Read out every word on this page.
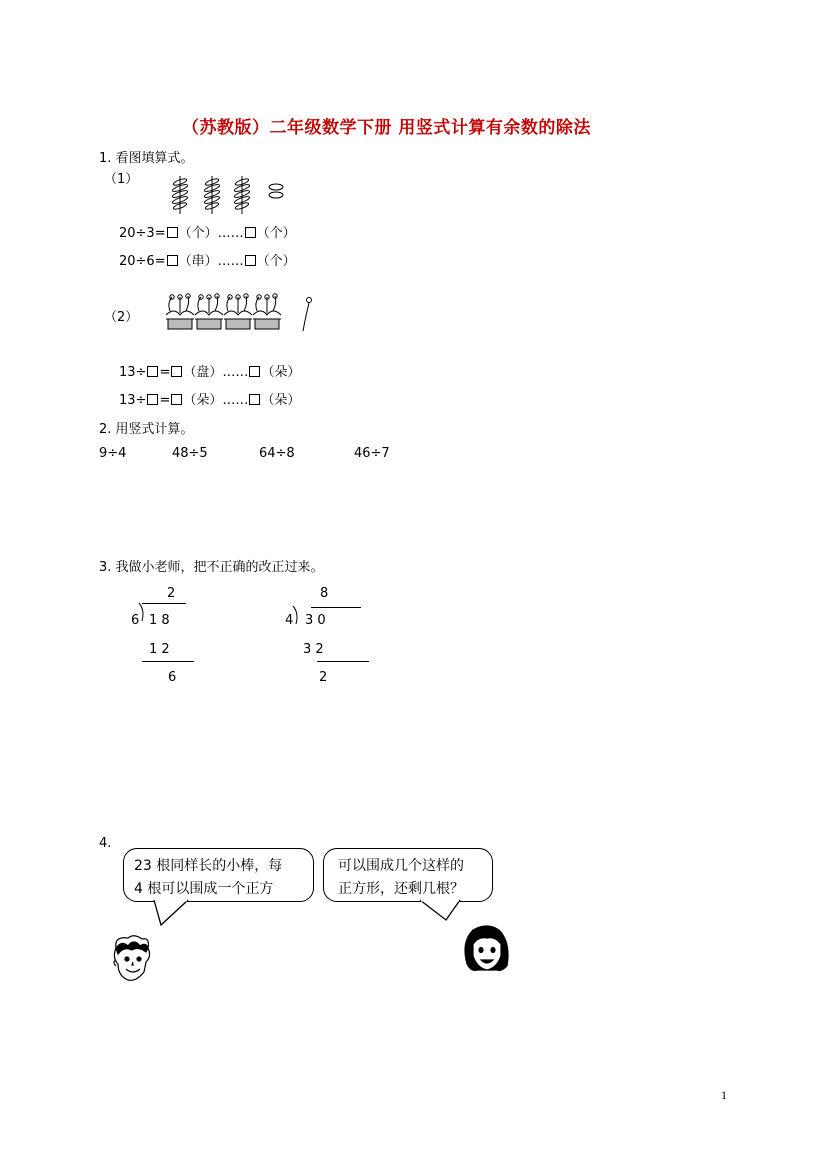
（苏教版）二年级数学下册 用竖式计算有余数的除法
1. 看图填算式。
（1）
20÷3= （个）…… （个）
20÷6= （串）…… （个）
（2）
13÷ = （盘）…… （朵）
13÷ = （朵）…… （朵）
2. 用竖式计算。
9÷4	48÷5	64÷8	46÷7
3. 我做小老师，把不正确的改正过来。
2
6 1 8
1 2
6
8
4 3 0
3 2
2
4.
23 根同样长的小棒，每
4 根可以围成一个正方
可以围成几个这样的
正方形，还剩几根？
1
